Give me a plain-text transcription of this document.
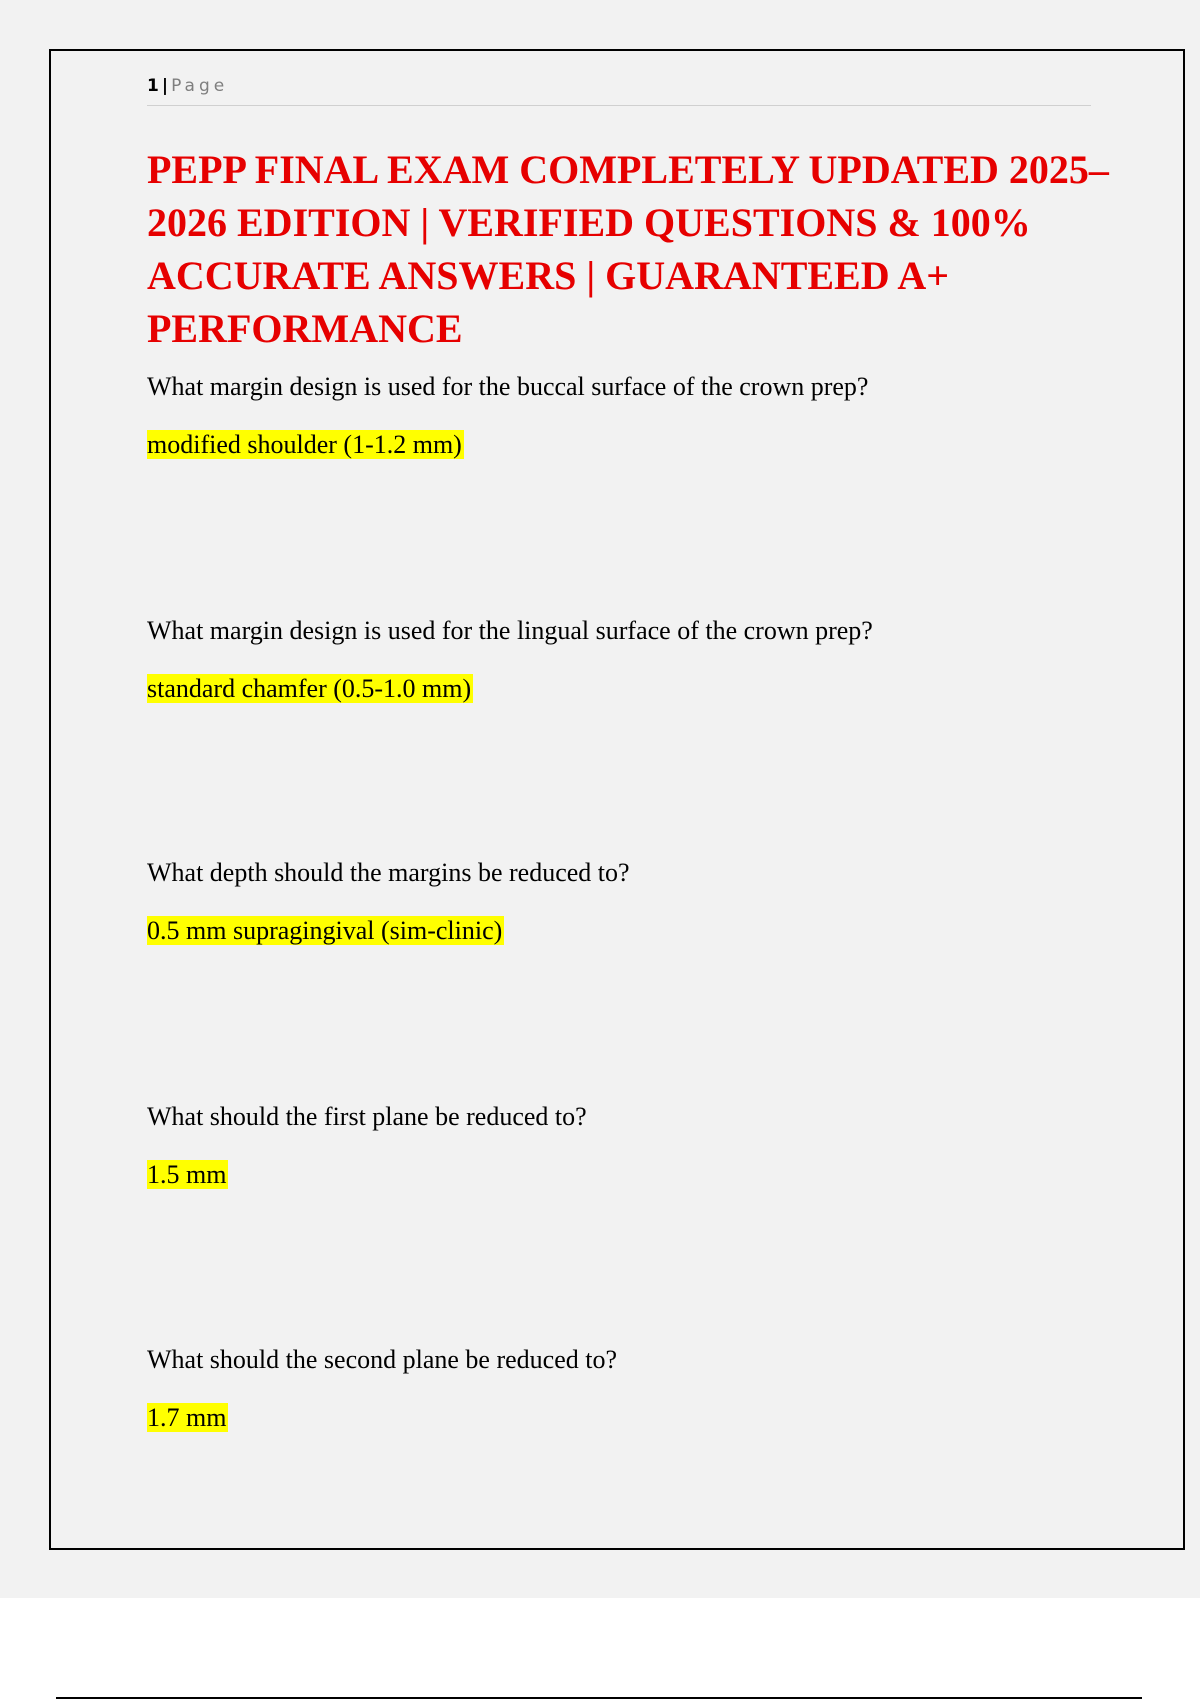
1 | Page
PEPP FINAL EXAM COMPLETELY UPDATED 2025–2026 EDITION | VERIFIED QUESTIONS & 100% ACCURATE ANSWERS | GUARANTEED A+ PERFORMANCE

What margin design is used for the buccal surface of the crown prep?

modified shoulder (1-1.2 mm)

What margin design is used for the lingual surface of the crown prep?

standard chamfer (0.5-1.0 mm)

What depth should the margins be reduced to?

0.5 mm supragingival (sim-clinic)

What should the first plane be reduced to?

1.5 mm

What should the second plane be reduced to?

1.7 mm
